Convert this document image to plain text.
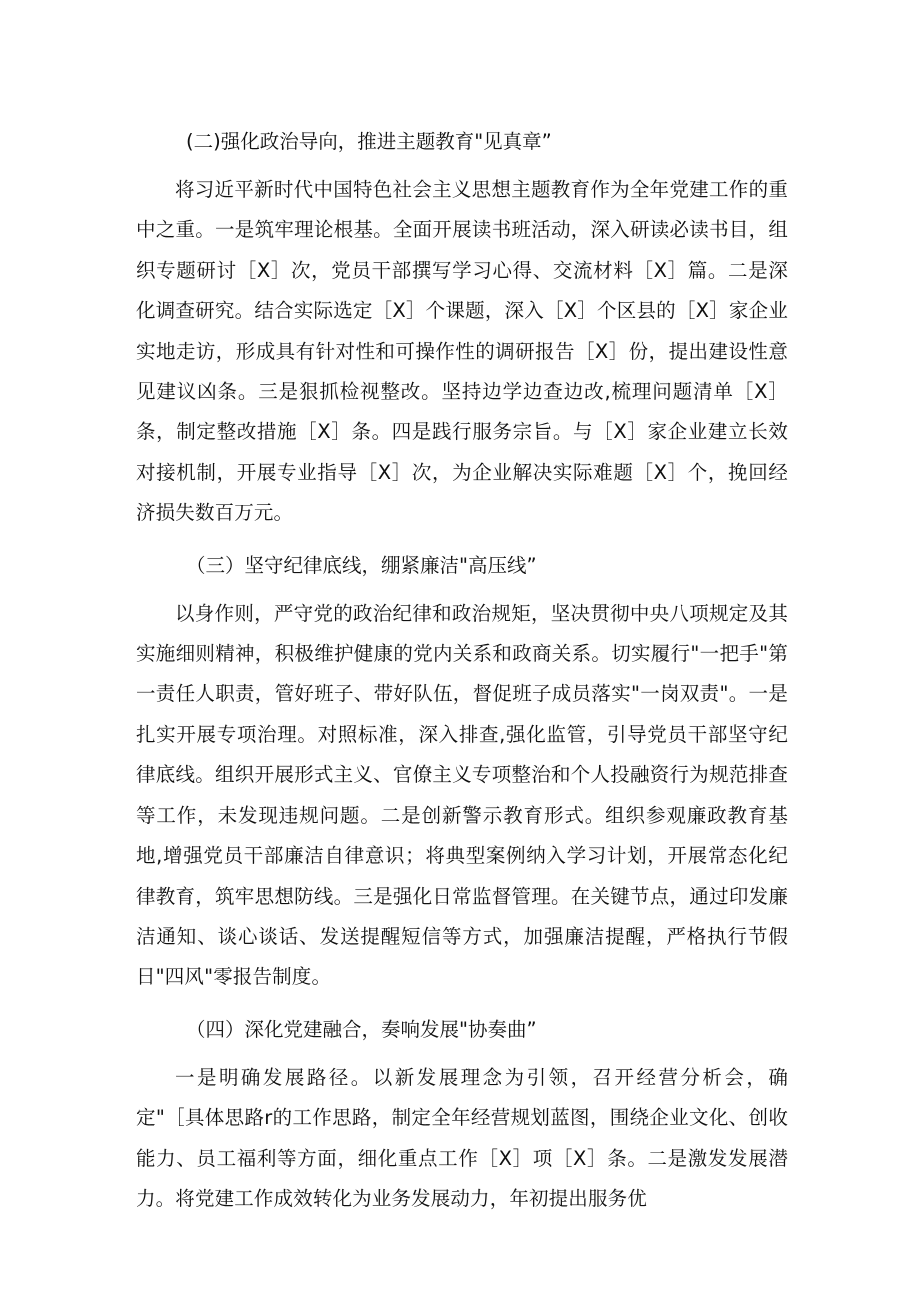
(二)强化政治导向，推进主题教育"见真章”

将习近平新时代中国特色社会主义思想主题教育作为全年党建工作的重中之重。一是筑牢理论根基。全面开展读书班活动，深入研读必读书目，组织专题研讨［X］次，党员干部撰写学习心得、交流材料［X］篇。二是深化调查研究。结合实际选定［X］个课题，深入［X］个区县的［X］家企业实地走访，形成具有针对性和可操作性的调研报告［X］份，提出建设性意见建议凶条。三是狠抓检视整改。坚持边学边查边改,梳理问题清单［X］条，制定整改措施［X］条。四是践行服务宗旨。与［X］家企业建立长效对接机制，开展专业指导［X］次，为企业解决实际难题［X］个，挽回经济损失数百万元。

（三）坚守纪律底线，绷紧廉洁"高压线”

以身作则，严守党的政治纪律和政治规矩，坚决贯彻中央八项规定及其实施细则精神，积极维护健康的党内关系和政商关系。切实履行"一把手"第一责任人职责，管好班子、带好队伍，督促班子成员落实"一岗双责"。一是扎实开展专项治理。对照标准，深入排查,强化监管，引导党员干部坚守纪律底线。组织开展形式主义、官僚主义专项整治和个人投融资行为规范排查等工作，未发现违规问题。二是创新警示教育形式。组织参观廉政教育基地,增强党员干部廉洁自律意识；将典型案例纳入学习计划，开展常态化纪律教育，筑牢思想防线。三是强化日常监督管理。在关键节点，通过印发廉洁通知、谈心谈话、发送提醒短信等方式，加强廉洁提醒，严格执行节假日"四风"零报告制度。

（四）深化党建融合，奏响发展"协奏曲”

一是明确发展路径。以新发展理念为引领，召开经营分析会，确定"［具体思路r的工作思路，制定全年经营规划蓝图，围绕企业文化、创收能力、员工福利等方面，细化重点工作［X］项［X］条。二是激发发展潜力。将党建工作成效转化为业务发展动力，年初提出服务优
